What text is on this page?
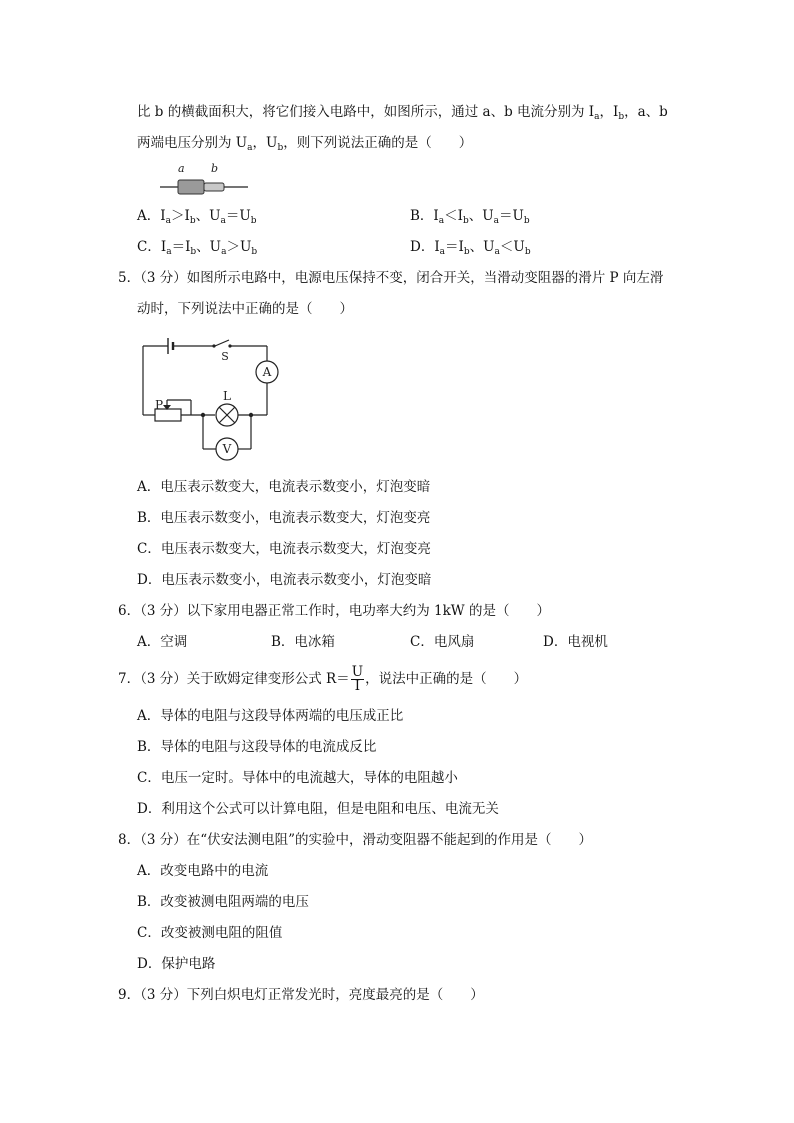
比 b 的横截面积大，将它们接入电路中，如图所示，通过 a、b 电流分别为 $I_a$，$I_b$，a、b
两端电压分别为 $U_a$，$U_b$，则下列说法正确的是（　　）
a b
A．$I_a>I_b$、$U_a=U_b$	B．$I_a<I_b$、$U_a=U_b$
C．$I_a=I_b$、$U_a>U_b$	D．$I_a=I_b$、$U_a<U_b$
5．（3 分）如图所示电路中，电源电压保持不变，闭合开关，当滑动变阻器的滑片 P 向左滑
动时，下列说法中正确的是（　　）
S
A
L
V
P
A．电压表示数变大，电流表示数变小，灯泡变暗
B．电压表示数变小，电流表示数变大，灯泡变亮
C．电压表示数变大，电流表示数变大，灯泡变亮
D．电压表示数变小，电流表示数变小，灯泡变暗
6．（3 分）以下家用电器正常工作时，电功率大约为 1kW 的是（　　）
A．空调	B．电冰箱	C．电风扇	D．电视机
7．（3 分）关于欧姆定律变形公式 $R= \frac{U}{I}$ ，说法中正确的是（　　）
A．导体的电阻与这段导体两端的电压成正比
B．导体的电阻与这段导体的电流成反比
C．电压一定时。导体中的电流越大，导体的电阻越小
D．利用这个公式可以计算电阻，但是电阻和电压、电流无关
8．（3 分）在“伏安法测电阻”的实验中，滑动变阻器不能起到的作用是（　　）
A．改变电路中的电流
B．改变被测电阻两端的电压
C．改变被测电阻的阻值
D．保护电路
9．（3 分）下列白炽电灯正常发光时，亮度最亮的是（　　）
